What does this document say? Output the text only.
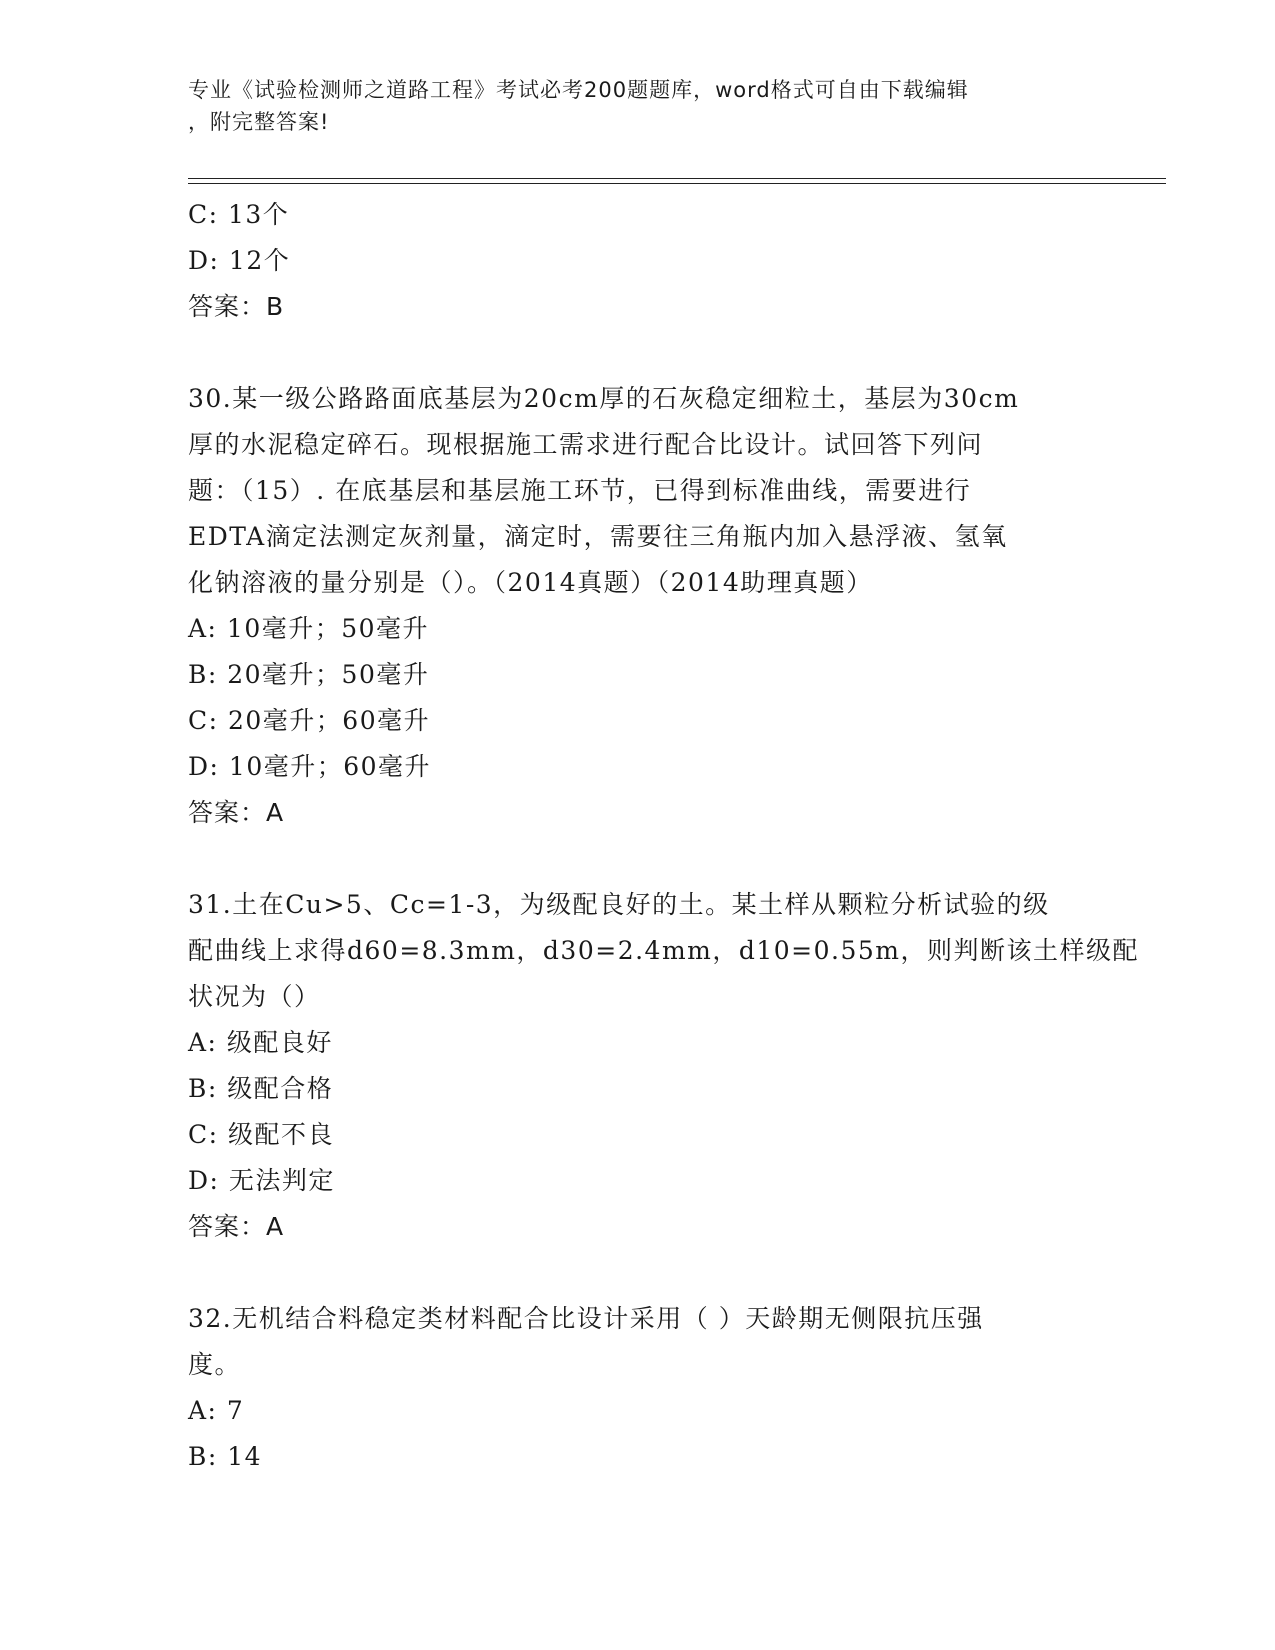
专业《试验检测师之道路工程》考试必考200题题库，word格式可自由下载编辑
，附完整答案!
C: 13个
D: 12个
答案：B
30.某一级公路路面底基层为20cm厚的石灰稳定细粒土，基层为30cm
厚的水泥稳定碎石。现根据施工需求进行配合比设计。试回答下列问
题：（15）. 在底基层和基层施工环节，已得到标准曲线，需要进行
EDTA滴定法测定灰剂量，滴定时，需要往三角瓶内加入悬浮液、氢氧
化钠溶液的量分别是（）。（2014真题）（2014助理真题）
A: 10毫升；50毫升
B: 20毫升；50毫升
C: 20毫升；60毫升
D: 10毫升；60毫升
答案：A
31.土在Cu>5、Cc=1-3，为级配良好的土。某土样从颗粒分析试验的级
配曲线上求得d60=8.3mm，d30=2.4mm，d10=0.55m，则判断该土样级配
状况为（）
A: 级配良好
B: 级配合格
C: 级配不良
D: 无法判定
答案：A
32.无机结合料稳定类材料配合比设计采用（ ）天龄期无侧限抗压强
度。
A: 7
B: 14
